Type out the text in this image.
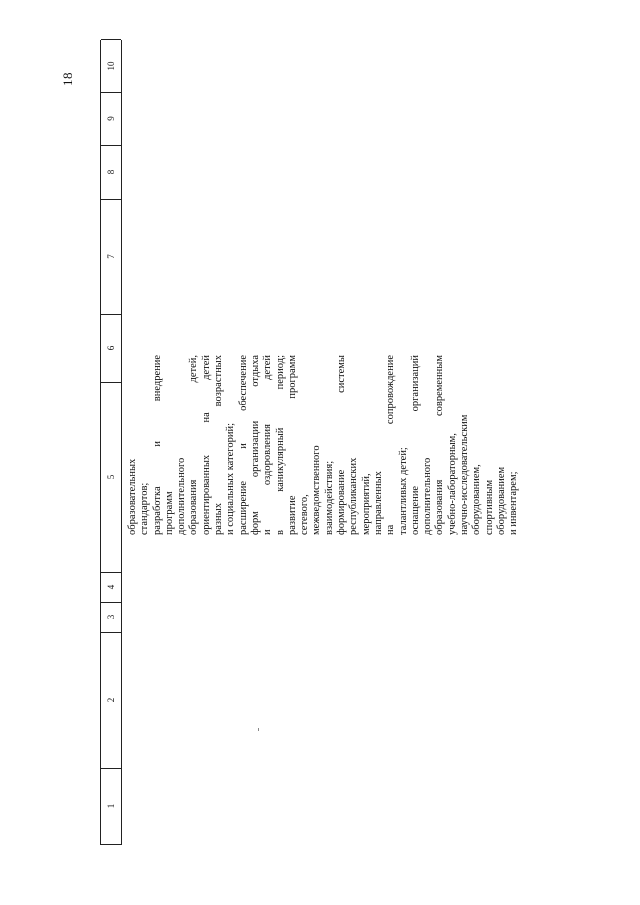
18
1
2
3
4
5
6
7
8
9
10
образовательных стандартов; разработка и внедрение программ дополнительного образования детей, ориентированных на детей разных возрастных и социальных категорий; расширение и обеспечение форм организации отдыха и оздоровления детей в каникулярный период; развитие программ сетевого, межведомственного взаимодействия; формирование системы республиканских мероприятий, направленных на сопровождение талантливых детей; оснащение организаций дополнительного образования современным учебно-лабораторным, научно-исследовательским оборудованием, спортивным оборудованием и инвентарем;
